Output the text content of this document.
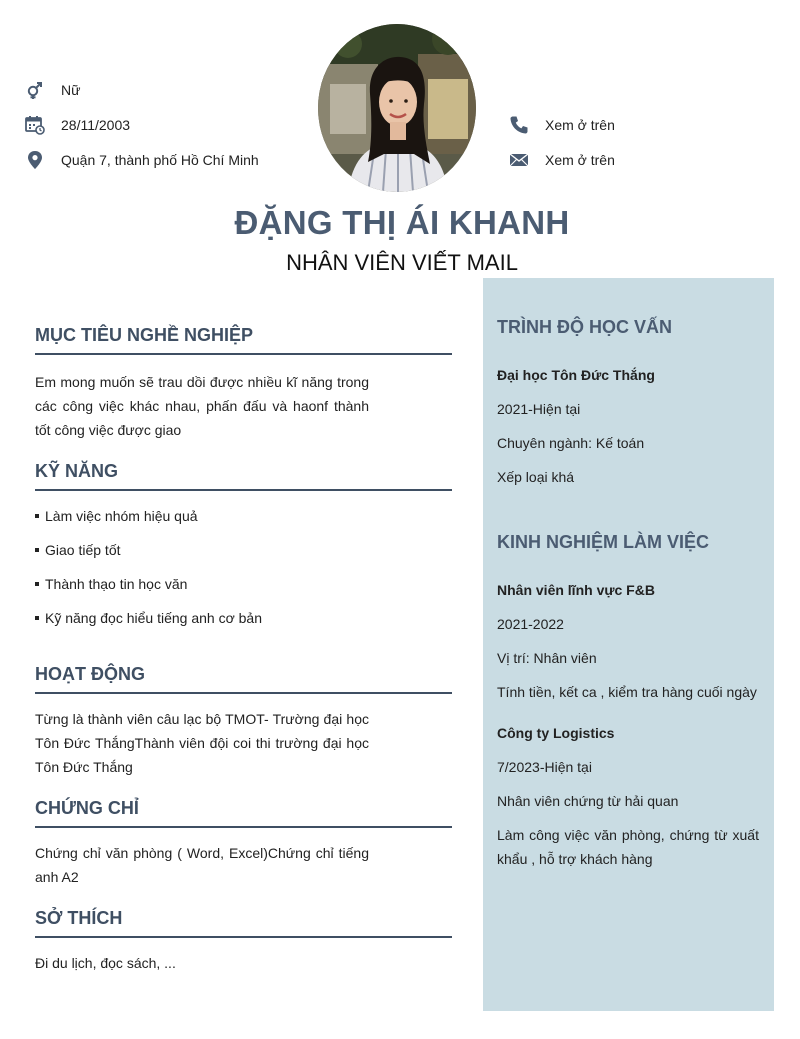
Nữ
28/11/2003
Quận 7, thành phố Hồ Chí Minh
Xem ở trên
Xem ở trên
ĐẶNG THỊ ÁI KHANH
NHÂN VIÊN VIẾT MAIL
MỤC TIÊU NGHỀ NGHIỆP
Em mong muốn sẽ trau dồi được nhiều kĩ năng trong các công việc khác nhau, phấn đấu và haonf thành tốt công việc được giao
KỸ NĂNG
Làm việc nhóm hiệu quả
Giao tiếp tốt
Thành thạo tin học văn
Kỹ năng đọc hiểu tiếng anh cơ bản
HOẠT ĐỘNG
Từng là thành viên câu lạc bộ TMOT- Trường đại học Tôn Đức ThắngThành viên đội coi thi trường đại học Tôn Đức Thắng
CHỨNG CHỈ
Chứng chỉ văn phòng ( Word, Excel)Chứng chỉ tiếng anh A2
SỞ THÍCH
Đi du lịch, đọc sách, ...
TRÌNH ĐỘ HỌC VẤN
Đại học Tôn Đức Thắng
2021-Hiện tại
Chuyên ngành: Kế toán
Xếp loại khá
KINH NGHIỆM LÀM VIỆC
Nhân viên lĩnh vực F&B
2021-2022
Vị trí: Nhân viên
Tính tiền, kết ca , kiểm tra hàng cuối ngày
Công ty Logistics
7/2023-Hiện tại
Nhân viên chứng từ hải quan
Làm công việc văn phòng, chứng từ xuất khẩu , hỗ trợ khách hàng
